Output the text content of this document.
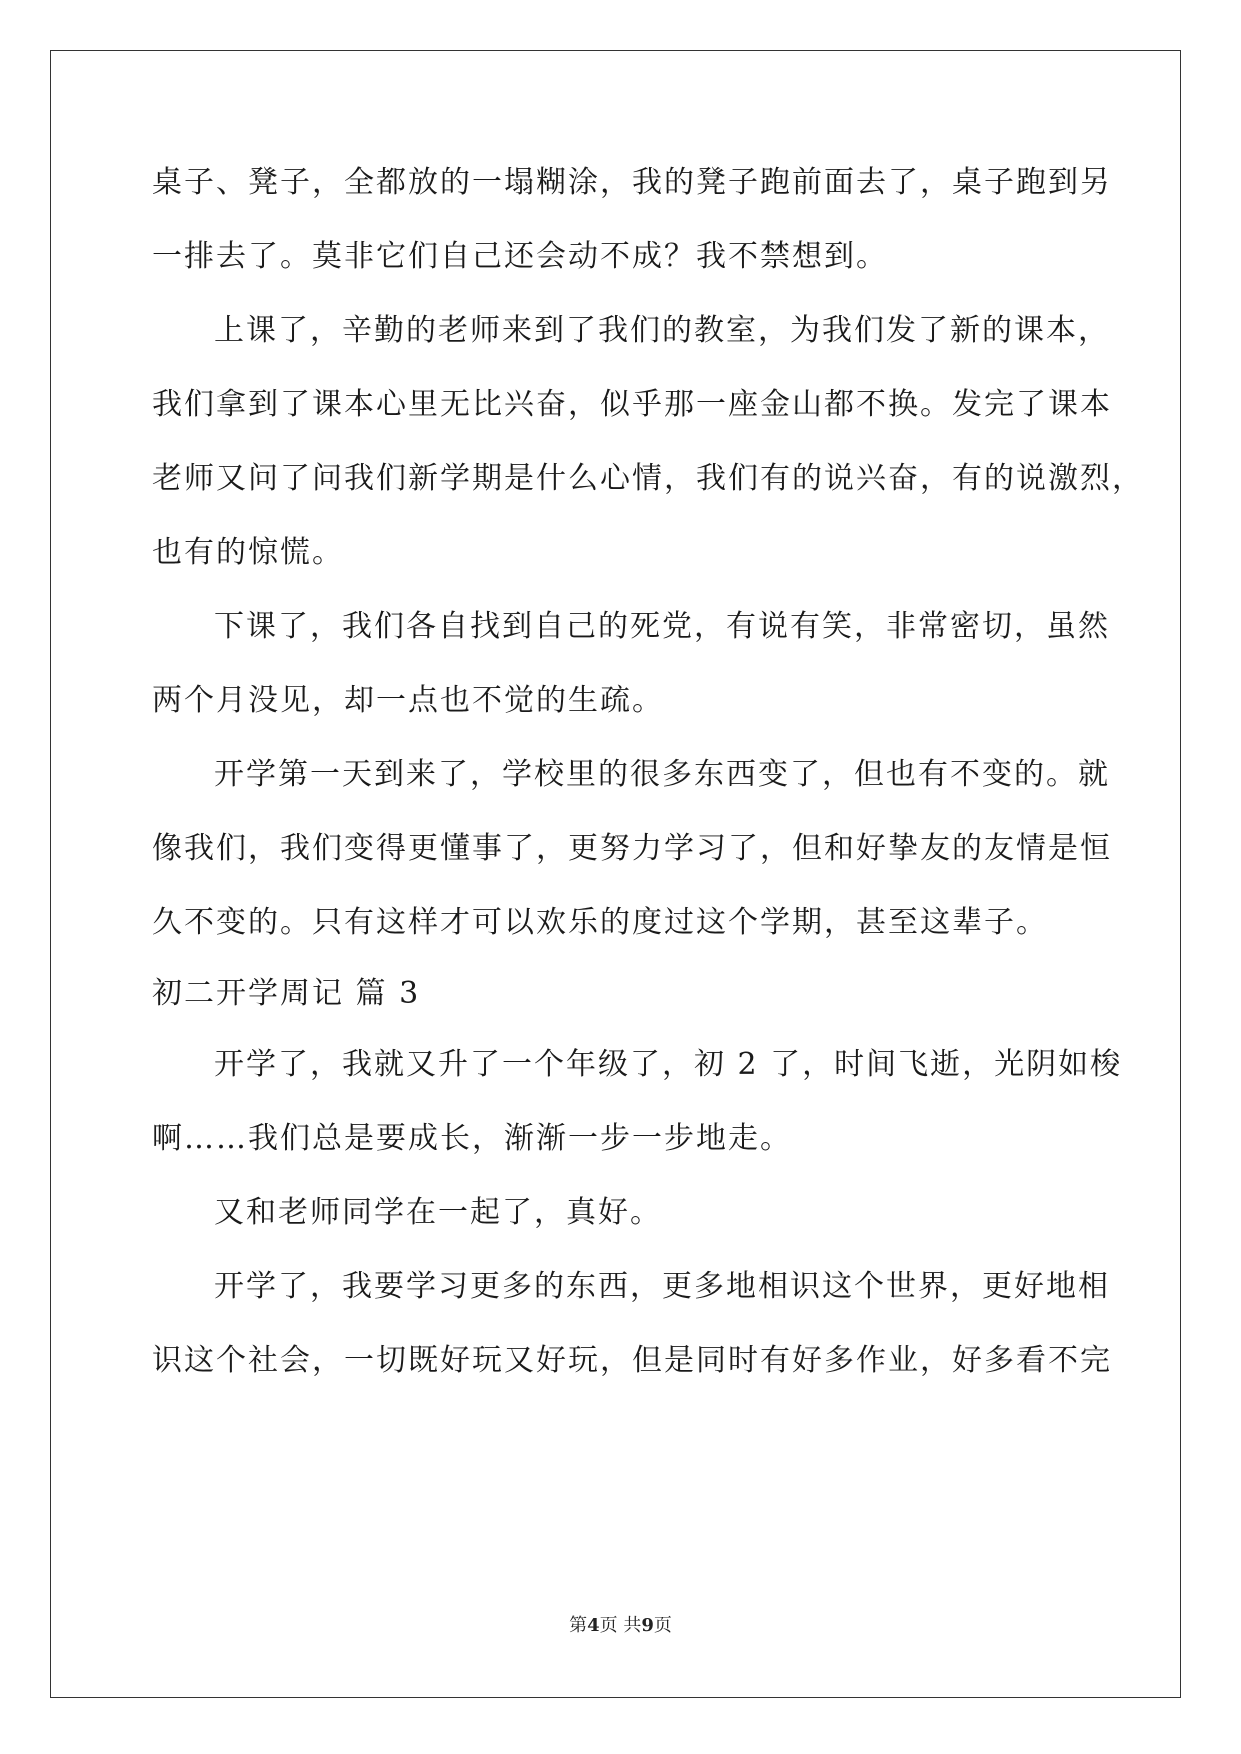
桌子、凳子，全都放的一塌糊涂，我的凳子跑前面去了，桌子跑到另
一排去了。莫非它们自己还会动不成？我不禁想到。
上课了，辛勤的老师来到了我们的教室，为我们发了新的课本，
我们拿到了课本心里无比兴奋，似乎那一座金山都不换。发完了课本
老师又问了问我们新学期是什么心情，我们有的说兴奋，有的说激烈，
也有的惊慌。
下课了，我们各自找到自己的死党，有说有笑，非常密切，虽然
两个月没见，却一点也不觉的生疏。
开学第一天到来了，学校里的很多东西变了，但也有不变的。就
像我们，我们变得更懂事了，更努力学习了，但和好挚友的友情是恒
久不变的。只有这样才可以欢乐的度过这个学期，甚至这辈子。
初二开学周记 篇 3
开学了，我就又升了一个年级了，初 2 了，时间飞逝，光阴如梭
啊……我们总是要成长，渐渐一步一步地走。
又和老师同学在一起了，真好。
开学了，我要学习更多的东西，更多地相识这个世界，更好地相
识这个社会，一切既好玩又好玩，但是同时有好多作业，好多看不完
第4页 共9页
